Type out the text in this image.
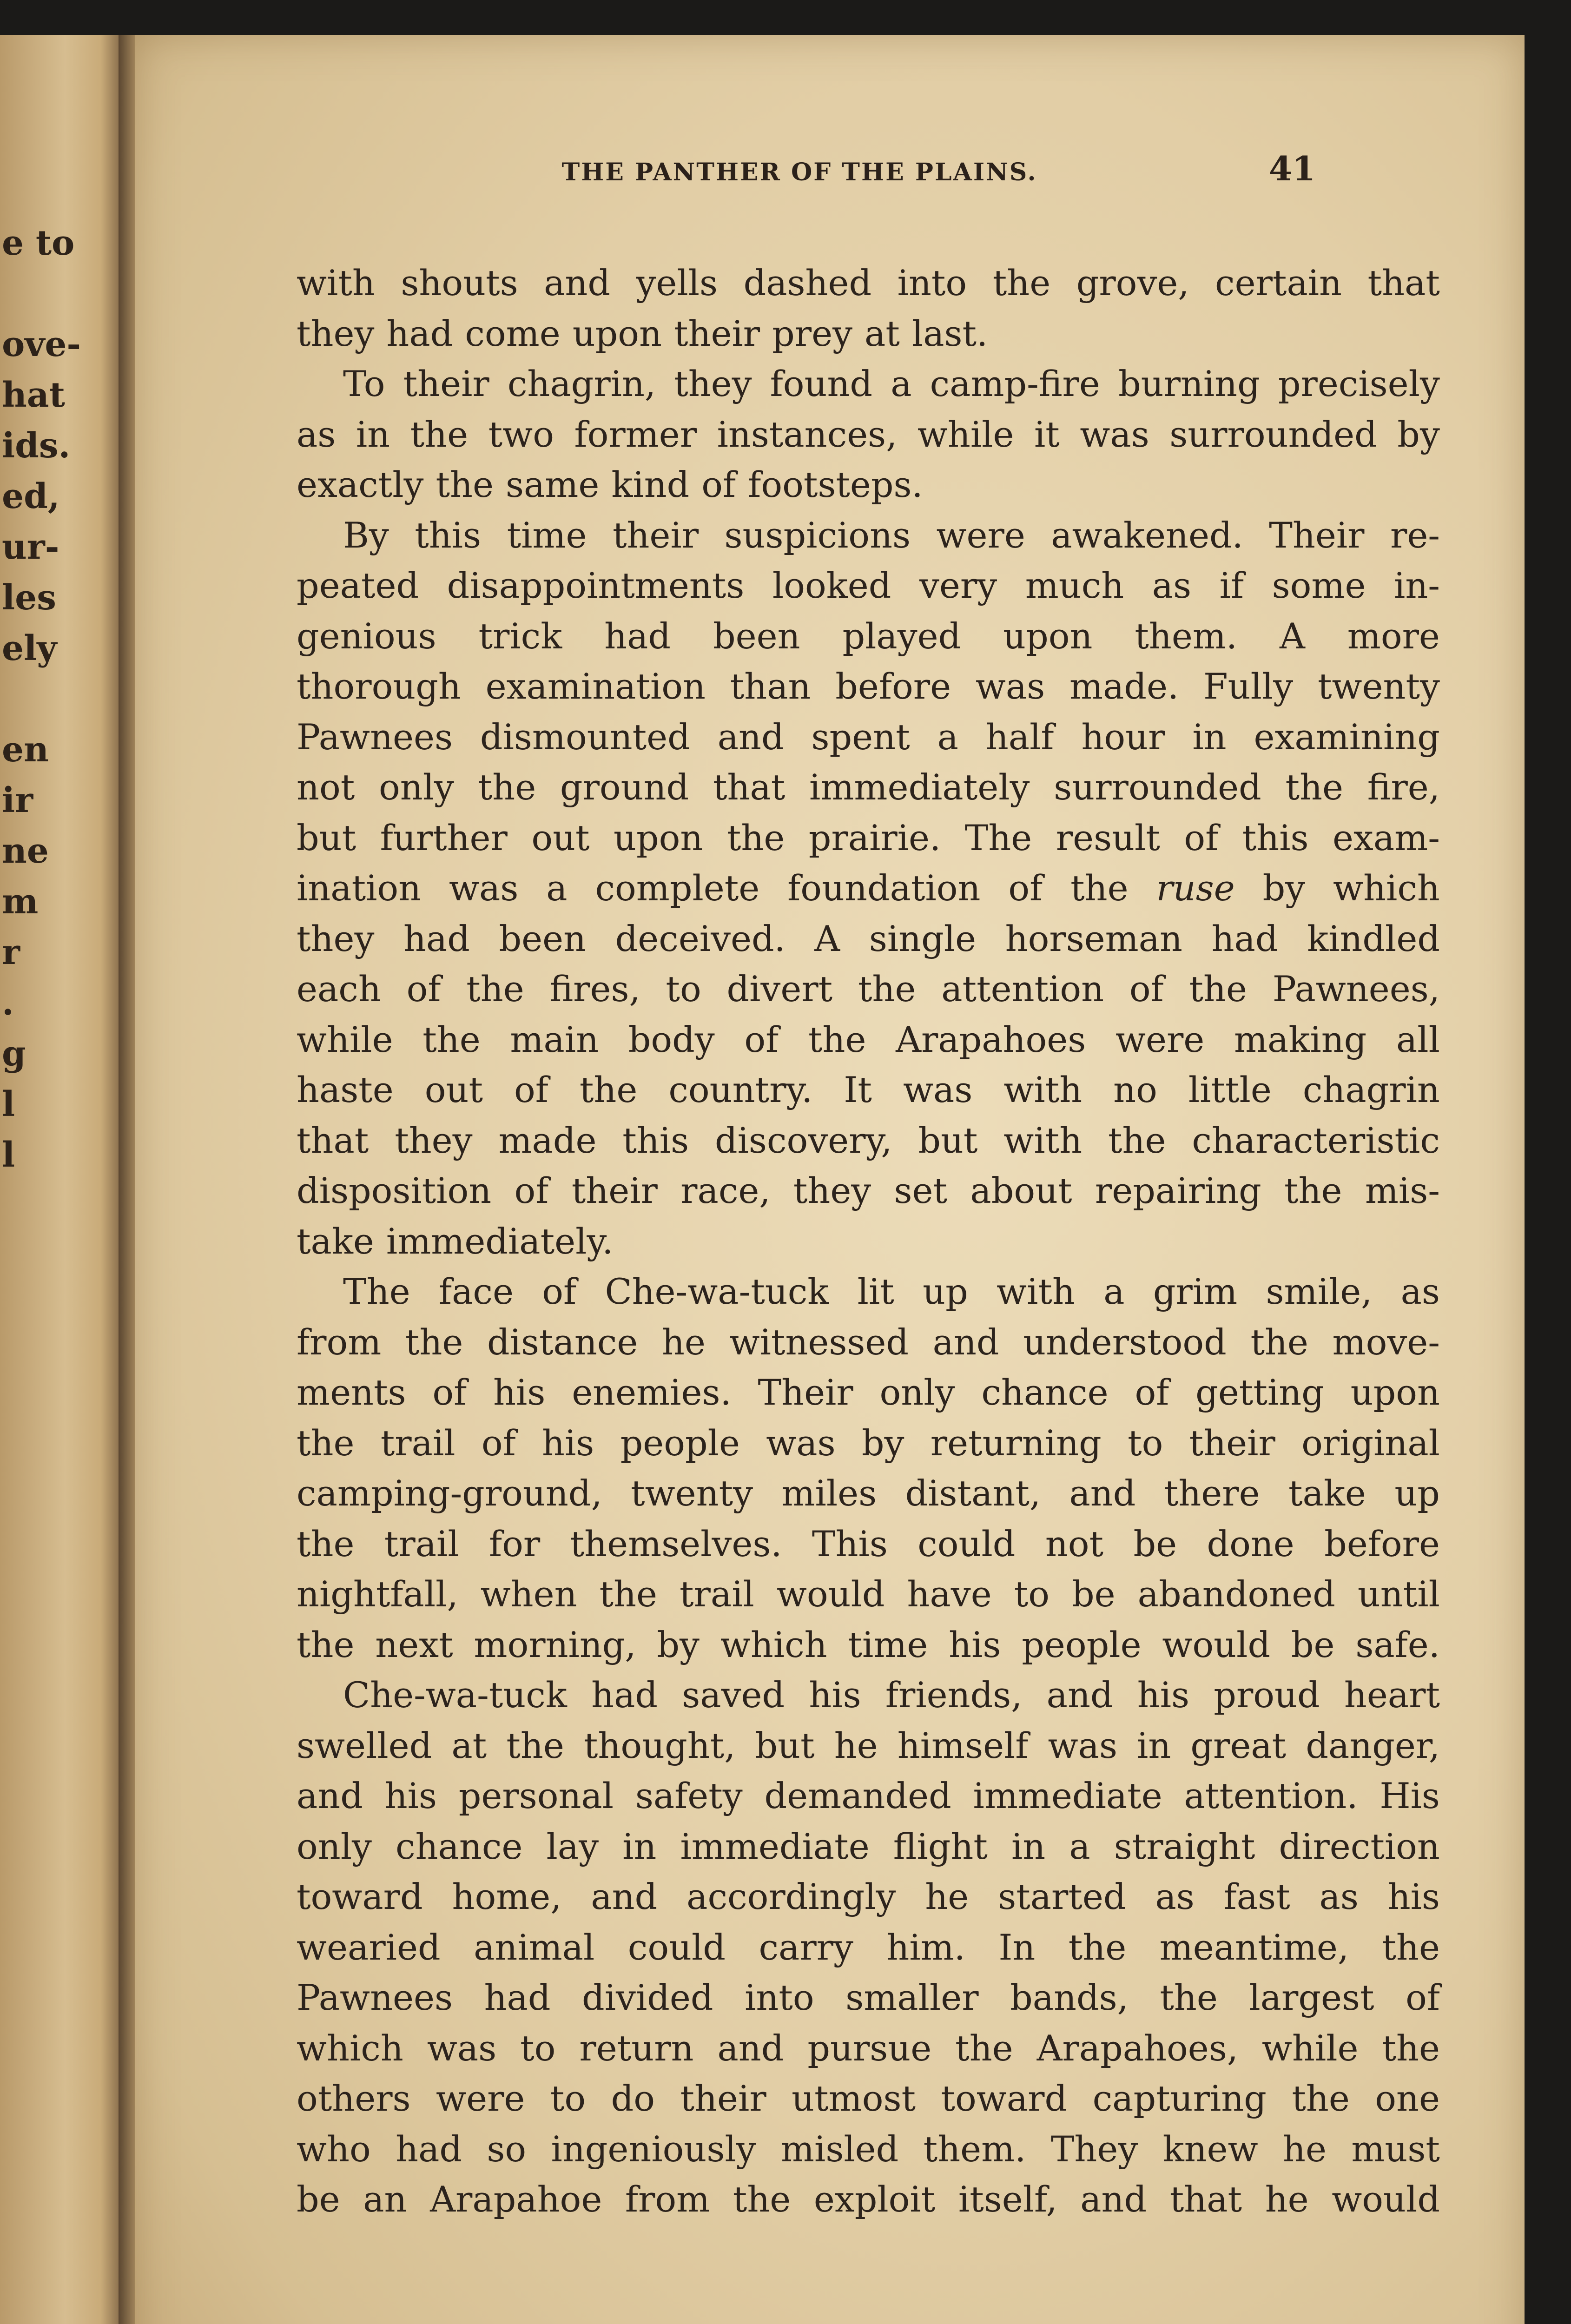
e to
ove-
hat
ids.
ed,
ur-
les
ely
en
ir
ne
m
r
.
g
l
l
THE PANTHER OF THE PLAINS.	41
with shouts and yells dashed into the grove, certain that
they had come upon their prey at last.
To their chagrin, they found a camp-fire burning precisely
as in the two former instances, while it was surrounded by
exactly the same kind of footsteps.
By this time their suspicions were awakened. Their re-
peated disappointments looked very much as if some in-
genious trick had been played upon them. A more
thorough examination than before was made. Fully twenty
Pawnees dismounted and spent a half hour in examining
not only the ground that immediately surrounded the fire,
but further out upon the prairie. The result of this exam-
ination was a complete foundation of the ruse by which
they had been deceived. A single horseman had kindled
each of the fires, to divert the attention of the Pawnees,
while the main body of the Arapahoes were making all
haste out of the country. It was with no little chagrin
that they made this discovery, but with the characteristic
disposition of their race, they set about repairing the mis-
take immediately.
The face of Che-wa-tuck lit up with a grim smile, as
from the distance he witnessed and understood the move-
ments of his enemies. Their only chance of getting upon
the trail of his people was by returning to their original
camping-ground, twenty miles distant, and there take up
the trail for themselves. This could not be done before
nightfall, when the trail would have to be abandoned until
the next morning, by which time his people would be safe.
Che-wa-tuck had saved his friends, and his proud heart
swelled at the thought, but he himself was in great danger,
and his personal safety demanded immediate attention. His
only chance lay in immediate flight in a straight direction
toward home, and accordingly he started as fast as his
wearied animal could carry him. In the meantime, the
Pawnees had divided into smaller bands, the largest of
which was to return and pursue the Arapahoes, while the
others were to do their utmost toward capturing the one
who had so ingeniously misled them. They knew he must
be an Arapahoe from the exploit itself, and that he would
